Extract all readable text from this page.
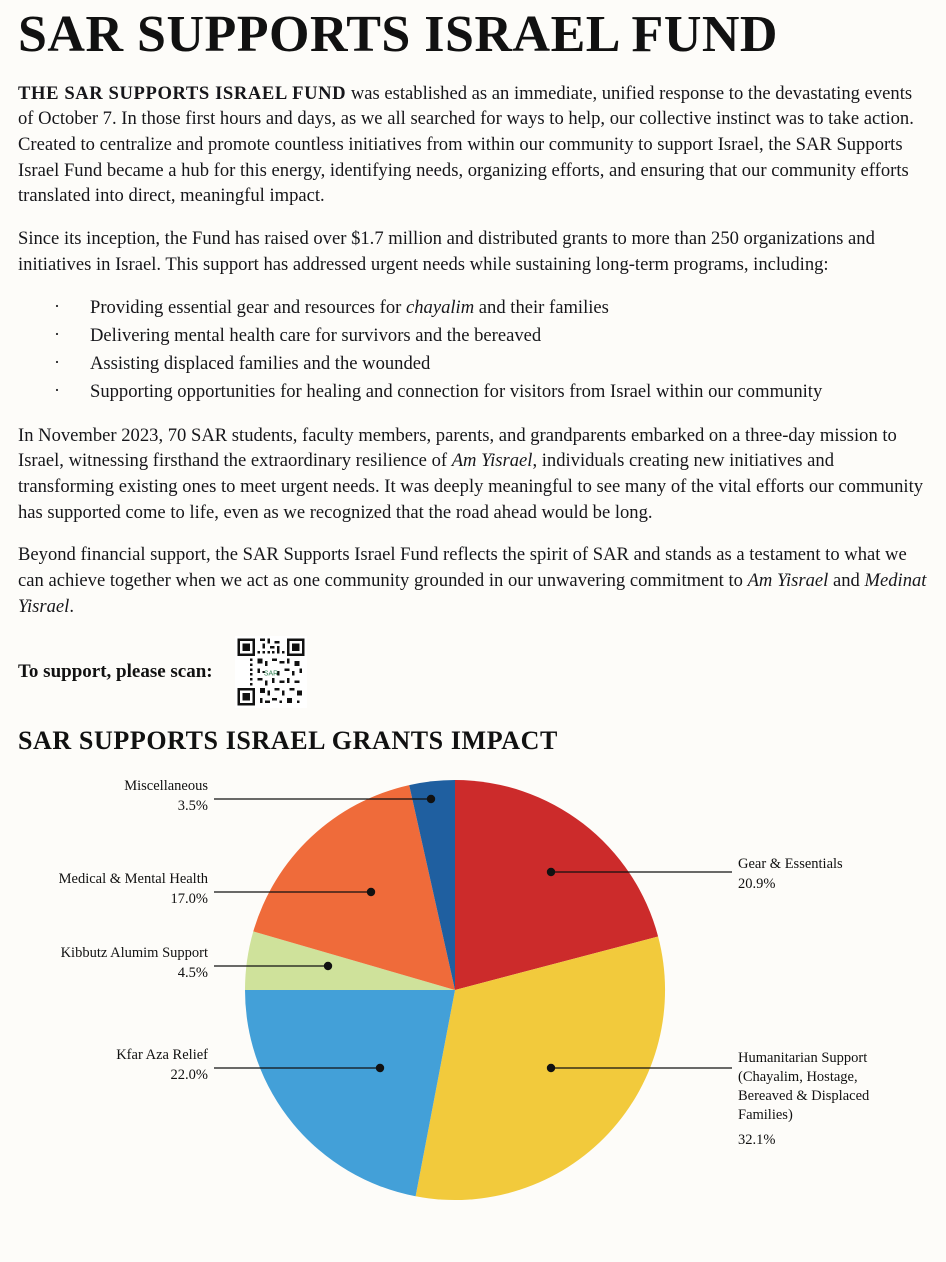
SAR SUPPORTS ISRAEL FUND

THE SAR SUPPORTS ISRAEL FUND was established as an immediate, unified response to the devastating events of October 7. In those first hours and days, as we all searched for ways to help, our collective instinct was to take action. Created to centralize and promote countless initiatives from within our community to support Israel, the SAR Supports Israel Fund became a hub for this energy, identifying needs, organizing efforts, and ensuring that our community efforts translated into direct, meaningful impact.

Since its inception, the Fund has raised over $1.7 million and distributed grants to more than 250 organizations and initiatives in Israel. This support has addressed urgent needs while sustaining long-term programs, including:

· Providing essential gear and resources for chayalim and their families
· Delivering mental health care for survivors and the bereaved
· Assisting displaced families and the wounded
· Supporting opportunities for healing and connection for visitors from Israel within our community

In November 2023, 70 SAR students, faculty members, parents, and grandparents embarked on a three-day mission to Israel, witnessing firsthand the extraordinary resilience of Am Yisrael, individuals creating new initiatives and transforming existing ones to meet urgent needs. It was deeply meaningful to see many of the vital efforts our community has supported come to life, even as we recognized that the road ahead would be long.

Beyond financial support, the SAR Supports Israel Fund reflects the spirit of SAR and stands as a testament to what we can achieve together when we act as one community grounded in our unwavering commitment to Am Yisrael and Medinat Yisrael.

To support, please scan:	SAR
SAR SUPPORTS ISRAEL GRANTS IMPACT
Miscellaneous
3.5%
Medical & Mental Health
17.0%
Kibbutz Alumim Support
4.5%
Kfar Aza Relief
22.0%
Gear & Essentials
20.9%
Humanitarian Support
(Chayalim, Hostage,
Bereaved & Displaced
Families)
32.1%
